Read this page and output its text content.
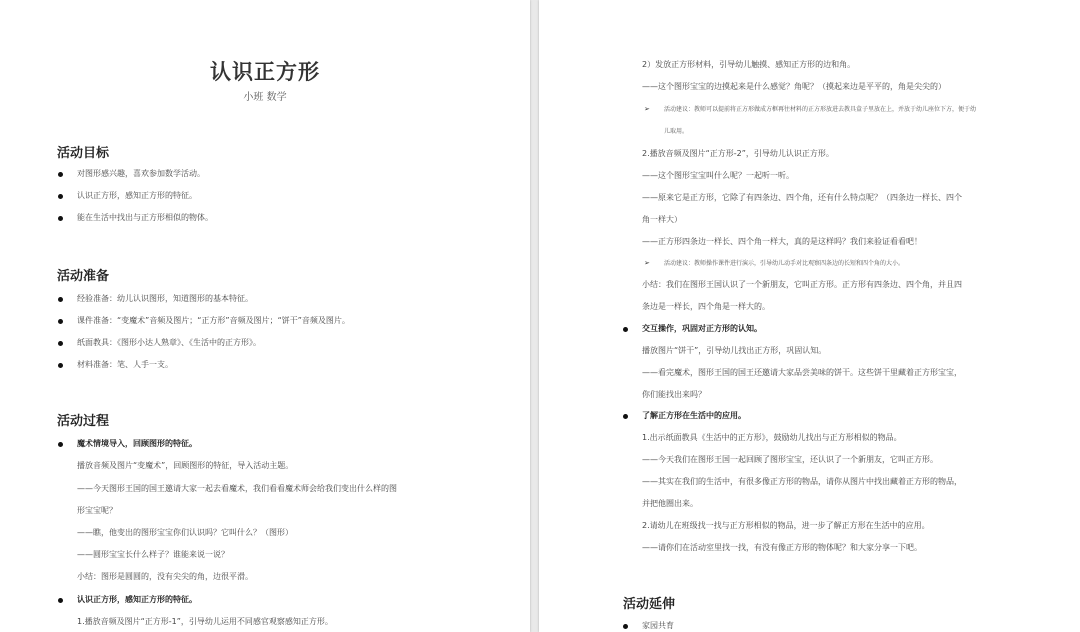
认识正方形
小班 数学
活动目标
对图形感兴趣，喜欢参加数学活动。
认识正方形，感知正方形的特征。
能在生活中找出与正方形相似的物体。
活动准备
经验准备：幼儿认识图形，知道图形的基本特征。
课件准备：“变魔术”音频及图片；“正方形”音频及图片；“饼干”音频及图片。
纸面教具：《图形小达人熟章》、《生活中的正方形》。
材料准备：笔、人手一支。
活动过程
魔术情境导入，回顾图形的特征。
播放音频及图片“变魔术”，回顾图形的特征，导入活动主题。
——今天图形王国的国王邀请大家一起去看魔术，我们看看魔术师会给我们变出什么样的图
形宝宝呢？
——瞧，他变出的图形宝宝你们认识吗？它叫什么？（图形）
——圆形宝宝长什么样子？谁能来说一说？
小结：图形是圆圆的，没有尖尖的角，边很平滑。
认识正方形，感知正方形的特征。
1.播放音频及图片“正方形-1”，引导幼儿运用不同感官观察感知正方形。
2）发放正方形材料，引导幼儿触摸、感知正方形的边和角。
——这个图形宝宝的边摸起来是什么感觉？角呢？（摸起来边是平平的，角是尖尖的）
➢ 活动建议：教师可以提前将正方形做成方框再往材料的正方形放进去教具盒子里放在上，并放于幼儿座位下方，便于幼
儿取用。
2.播放音频及图片“正方形-2”，引导幼儿认识正方形。
——这个图形宝宝叫什么呢？一起听一听。
——原来它是正方形，它除了有四条边、四个角，还有什么特点呢？（四条边一样长、四个
角一样大）
——正方形四条边一样长、四个角一样大，真的是这样吗？我们来验证看看吧！
➢ 活动建议：教师操作课件进行演示，引导幼儿动手对比观察四条边的长短和四个角的大小。
小结：我们在图形王国认识了一个新朋友，它叫正方形。正方形有四条边、四个角，并且四
条边是一样长，四个角是一样大的。
交互操作，巩固对正方形的认知。
播放图片“饼干”，引导幼儿找出正方形，巩固认知。
——看完魔术，图形王国的国王还邀请大家品尝美味的饼干。这些饼干里藏着正方形宝宝，
你们能找出来吗？
了解正方形在生活中的应用。
1.出示纸面教具《生活中的正方形》，鼓励幼儿找出与正方形相似的物品。
——今天我们在图形王国一起回顾了图形宝宝，还认识了一个新朋友，它叫正方形。
——其实在我们的生活中，有很多像正方形的物品，请你从图片中找出藏着正方形的物品，
并把他圈出来。
2.请幼儿在班级找一找与正方形相似的物品，进一步了解正方形在生活中的应用。
——请你们在活动室里找一找，有没有像正方形的物体呢？和大家分享一下吧。
活动延伸
家园共育
